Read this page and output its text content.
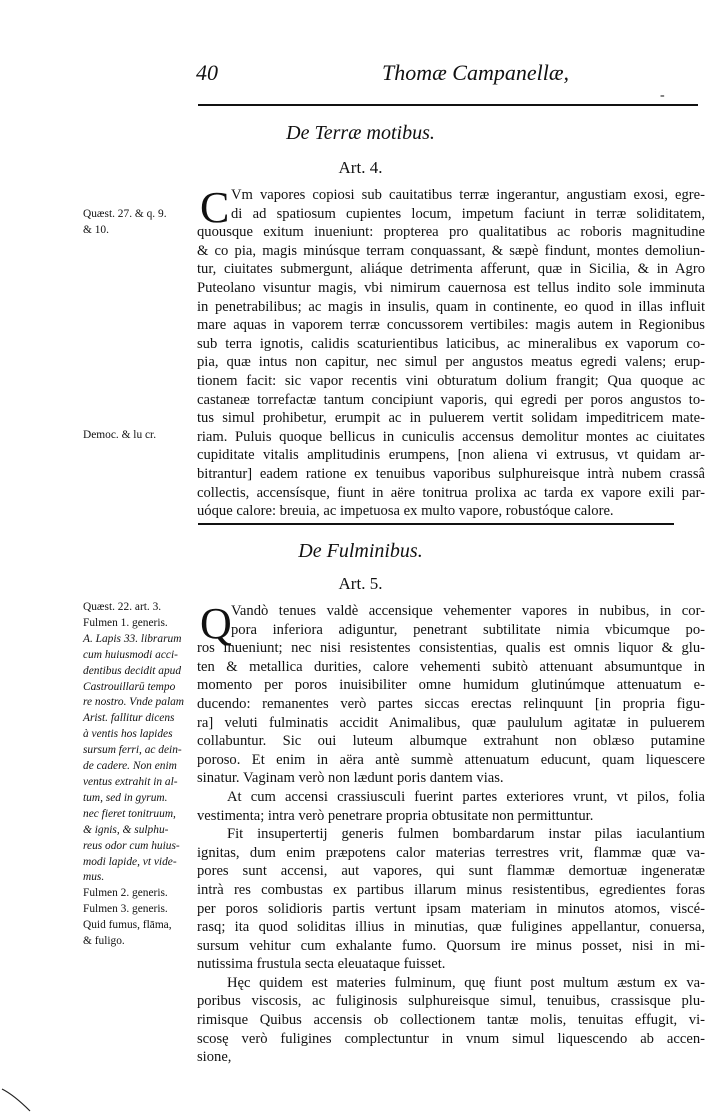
40	Thomæ Campanellæ,
-
De Terræ motibus.
Art. 4.
C Vm vapores copiosi sub cauitatibus terræ ingerantur, angustiam exosi, egre-
di ad spatiosum cupientes locum, impetum faciunt in terræ soliditatem,
quousque exitum inueniunt: propterea pro qualitatibus ac roboris magnitudine
& co pia, magis minúsque terram conquassant, & sæpè findunt, montes demoliun-
tur, ciuitates submergunt, aliáque detrimenta afferunt, quæ in Sicilia, & in Agro
Puteolano visuntur magis, vbi nimirum cauernosa est tellus indito sole imminuta
in penetrabilibus; ac magis in insulis, quam in continente, eo quod in illas influit
mare aquas in vaporem terræ concussorem vertibiles: magis autem in Regionibus
sub terra ignotis, calidis scaturientibus laticibus, ac mineralibus ex vaporum co-
pia, quæ intus non capitur, nec simul per angustos meatus egredi valens; erup-
tionem facit: sic vapor recentis vini obturatum dolium frangit; Qua quoque ac
castaneæ torrefactæ tantum concipiunt vaporis, qui egredi per poros angustos to-
tus simul prohibetur, erumpit ac in puluerem vertit solidam impeditricem mate-
riam. Puluis quoque bellicus in cuniculis accensus demolitur montes ac ciuitates
cupiditate vitalis amplitudinis erumpens, [non aliena vi extrusus, vt quidam ar-
bitrantur] eadem ratione ex tenuibus vaporibus sulphureisque intrà nubem crassâ
collectis, accensísque, fiunt in aëre tonitrua prolixa ac tarda ex vapore exili par-
uóque calore: breuia, ac impetuosa ex multo vapore, robustóque calore.
Quæst. 27. & q. 9.
& 10.
Democ. & lu cr.
De Fulminibus.
Art. 5.
Q Vandò tenues valdè accensique vehementer vapores in nubibus, in cor-
pora inferiora adiguntur, penetrant subtilitate nimia vbicumque po-
ros inueniunt; nec nisi resistentes consistentias, qualis est omnis liquor & glu-
ten & metallica durities, calore vehementi subitò attenuant absumuntque in
momento per poros inuisibiliter omne humidum glutinúmque attenuatum e-
ducendo: remanentes verò partes siccas erectas relinquunt [in propria figu-
ra] veluti fulminatis accidit Animalibus, quæ paululum agitatæ in puluerem
collabuntur. Sic oui luteum albumque extrahunt non oblæso putamine
poroso. Et enim in aëra antè summè attenuatum educunt, quam liquescere
sinatur. Vaginam verò non lædunt poris dantem vias.
At cum accensi crassiusculi fuerint partes exteriores vrunt, vt pilos, folia
vestimenta; intra verò penetrare propria obtusitate non permittuntur.
Fit insupertertij generis fulmen bombardarum instar pilas iaculantium
ignitas, dum enim præpotens calor materias terrestres vrit, flammæ quæ va-
pores sunt accensi, aut vapores, qui sunt flammæ demortuæ ingeneratæ
intrà res combustas ex partibus illarum minus resistentibus, egredientes foras
per poros solidioris partis vertunt ipsam materiam in minutos atomos, viscé-
rasq; ita quod soliditas illius in minutias, quæ fuligines appellantur, conuersa,
sursum vehitur cum exhalante fumo. Quorsum ire minus posset, nisi in mi-
nutissima frustula secta eleuataque fuisset.
Hęc quidem est materies fulminum, quę fiunt post multum æstum ex va-
poribus viscosis, ac fuliginosis sulphureisque simul, tenuibus, crassisque plu-
rimisque Quibus accensis ob collectionem tantæ molis, tenuitas effugit, vi-
scosę verò fuligines complectuntur in vnum simul liquescendo ab accen-
sione,
Quæst. 22. art. 3.
Fulmen 1. generis.
A. Lapis 33. librarum
cum huiusmodi acci-
dentibus decidit apud
Castrouillarū tempo
re nostro. Vnde palam
Arist. fallitur dicens
à ventis hos lapides
sursum ferri, ac dein-
de cadere. Non enim
ventus extrahit in al-
tum, sed in gyrum.
nec fieret tonitruum,
& ignis, & sulphu-
reus odor cum huius-
modi lapide, vt vide-
mus.
Fulmen 2. generis.
Fulmen 3. generis.
Quid fumus, flāma,
& fuligo.
